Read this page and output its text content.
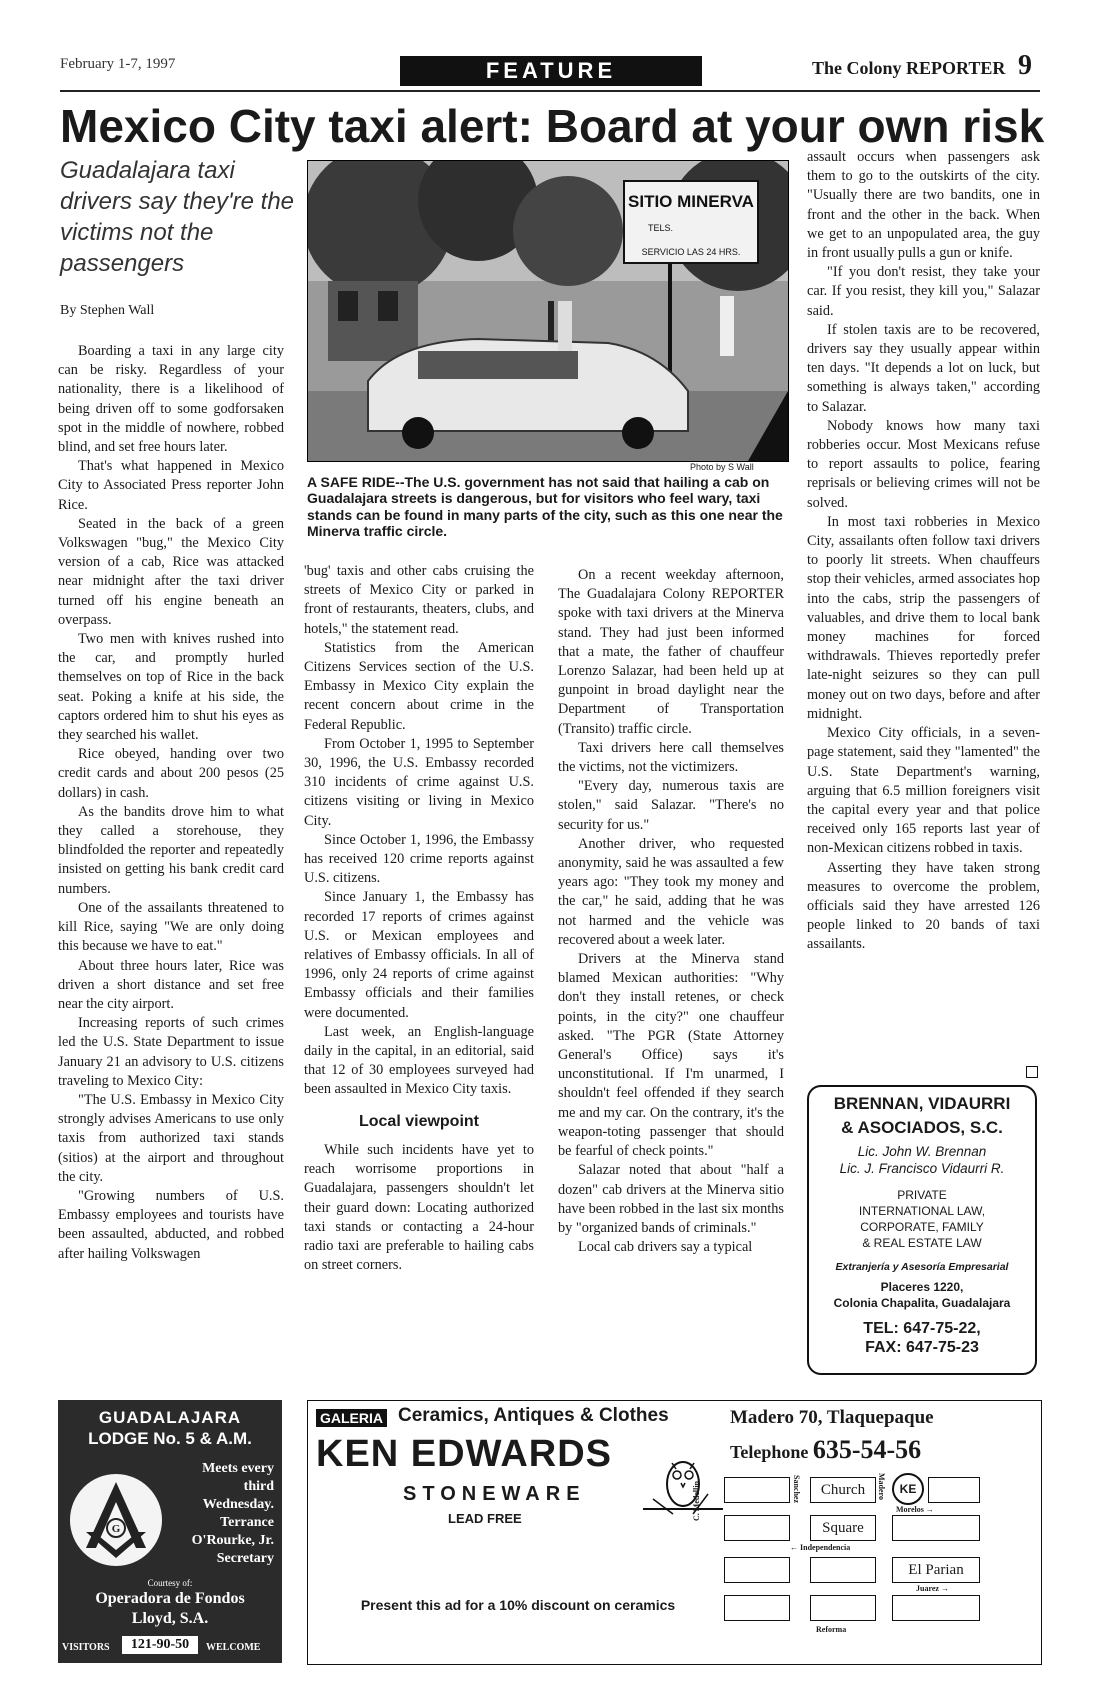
February 1-7, 1997	FEATURE	The Colony REPORTER 9
Mexico City taxi alert: Board at your own risk
Guadalajara taxi drivers say they're the victims not the passengers
By Stephen Wall
SITIO MINERVA
TELS.
SERVICIO LAS 24 HRS.
Photo by S Wall
A SAFE RIDE--The U.S. government has not said that hailing a cab on Guadalajara streets is dangerous, but for visitors who feel wary, taxi stands can be found in many parts of the city, such as this one near the Minerva traffic circle.

Boarding a taxi in any large city can be risky. Regardless of your nationality, there is a likelihood of being driven off to some godforsaken spot in the middle of nowhere, robbed blind, and set free hours later.

That's what happened in Mexico City to Associated Press reporter John Rice.

Seated in the back of a green Volkswagen "bug," the Mexico City version of a cab, Rice was attacked near midnight after the taxi driver turned off his engine beneath an overpass.

Two men with knives rushed into the car, and promptly hurled themselves on top of Rice in the back seat. Poking a knife at his side, the captors ordered him to shut his eyes as they searched his wallet.

Rice obeyed, handing over two credit cards and about 200 pesos (25 dollars) in cash.

As the bandits drove him to what they called a storehouse, they blindfolded the reporter and repeatedly insisted on getting his bank credit card numbers.

One of the assailants threatened to kill Rice, saying "We are only doing this because we have to eat."

About three hours later, Rice was driven a short distance and set free near the city airport.

Increasing reports of such crimes led the U.S. State Department to issue January 21 an advisory to U.S. citizens traveling to Mexico City:

"The U.S. Embassy in Mexico City strongly advises Americans to use only taxis from authorized taxi stands (sitios) at the airport and throughout the city.

"Growing numbers of U.S. Embassy employees and tourists have been assaulted, abducted, and robbed after hailing Volkswagen

'bug' taxis and other cabs cruising the streets of Mexico City or parked in front of restaurants, theaters, clubs, and hotels," the statement read.

Statistics from the American Citizens Services section of the U.S. Embassy in Mexico City explain the recent concern about crime in the Federal Republic.

From October 1, 1995 to September 30, 1996, the U.S. Embassy recorded 310 incidents of crime against U.S. citizens visiting or living in Mexico City.

Since October 1, 1996, the Embassy has received 120 crime reports against U.S. citizens.

Since January 1, the Embassy has recorded 17 reports of crimes against U.S. or Mexican employees and relatives of Embassy officials. In all of 1996, only 24 reports of crime against Embassy officials and their families were documented.

Last week, an English-language daily in the capital, in an editorial, said that 12 of 30 employees surveyed had been assaulted in Mexico City taxis.

Local viewpoint

While such incidents have yet to reach worrisome proportions in Guadalajara, passengers shouldn't let their guard down: Locating authorized taxi stands or contacting a 24-hour radio taxi are preferable to hailing cabs on street corners.

On a recent weekday afternoon, The Guadalajara Colony REPORTER spoke with taxi drivers at the Minerva stand. They had just been informed that a mate, the father of chauffeur Lorenzo Salazar, had been held up at gunpoint in broad daylight near the Department of Transportation (Transito) traffic circle.

Taxi drivers here call themselves the victims, not the victimizers.

"Every day, numerous taxis are stolen," said Salazar. "There's no security for us."

Another driver, who requested anonymity, said he was assaulted a few years ago: "They took my money and the car," he said, adding that he was not harmed and the vehicle was recovered about a week later.

Drivers at the Minerva stand blamed Mexican authorities: "Why don't they install retenes, or check points, in the city?" one chauffeur asked. "The PGR (State Attorney General's Office) says it's unconstitutional. If I'm unarmed, I shouldn't feel offended if they search me and my car. On the contrary, it's the weapon-toting passenger that should be fearful of check points."

Salazar noted that about "half a dozen" cab drivers at the Minerva sitio have been robbed in the last six months by "organized bands of criminals."

Local cab drivers say a typical

assault occurs when passengers ask them to go to the outskirts of the city. "Usually there are two bandits, one in front and the other in the back. When we get to an unpopulated area, the guy in front usually pulls a gun or knife.

"If you don't resist, they take your car. If you resist, they kill you," Salazar said.

If stolen taxis are to be recovered, drivers say they usually appear within ten days. "It depends a lot on luck, but something is always taken," according to Salazar.

Nobody knows how many taxi robberies occur. Most Mexicans refuse to report assaults to police, fearing reprisals or believing crimes will not be solved.

In most taxi robberies in Mexico City, assailants often follow taxi drivers to poorly lit streets. When chauffeurs stop their vehicles, armed associates hop into the cabs, strip the passengers of valuables, and drive them to local bank money machines for forced withdrawals. Thieves reportedly prefer late-night seizures so they can pull money out on two days, before and after midnight.

Mexico City officials, in a seven-page statement, said they "lamented" the U.S. State Department's warning, arguing that 6.5 million foreigners visit the capital every year and that police received only 165 reports last year of non-Mexican citizens robbed in taxis.

Asserting they have taken strong measures to overcome the problem, officials said they have arrested 126 people linked to 20 bands of taxi assailants.

BRENNAN, VIDAURRI
& ASOCIADOS, S.C.
Lic. John W. Brennan
Lic. J. Francisco Vidaurri R.
PRIVATE
INTERNATIONAL LAW,
CORPORATE, FAMILY
& REAL ESTATE LAW
Extranjería y Asesoría Empresarial
Placeres 1220,
Colonia Chapalita, Guadalajara
TEL: 647-75-22,
FAX: 647-75-23
GUADALAJARA
LODGE No. 5 & A.M.
G
Meets every
third
Wednesday.
Terrance
O'Rourke, Jr.
Secretary
Courtesy of:
Operadora de Fondos
Lloyd, S.A.
VISITORS	121-90-50	WELCOME
GALERIA Ceramics, Antiques & Clothes
KEN EDWARDS
STONEWARE
LEAD FREE
Present this ad for a 10% discount on ceramics
Madero 70, Tlaquepaque
Telephone 635-54-56
C. Medellin	Sanchez	Church
Square
Madero	KE
Morelos →
← Independencia
El Parian
Juarez →
Reforma
